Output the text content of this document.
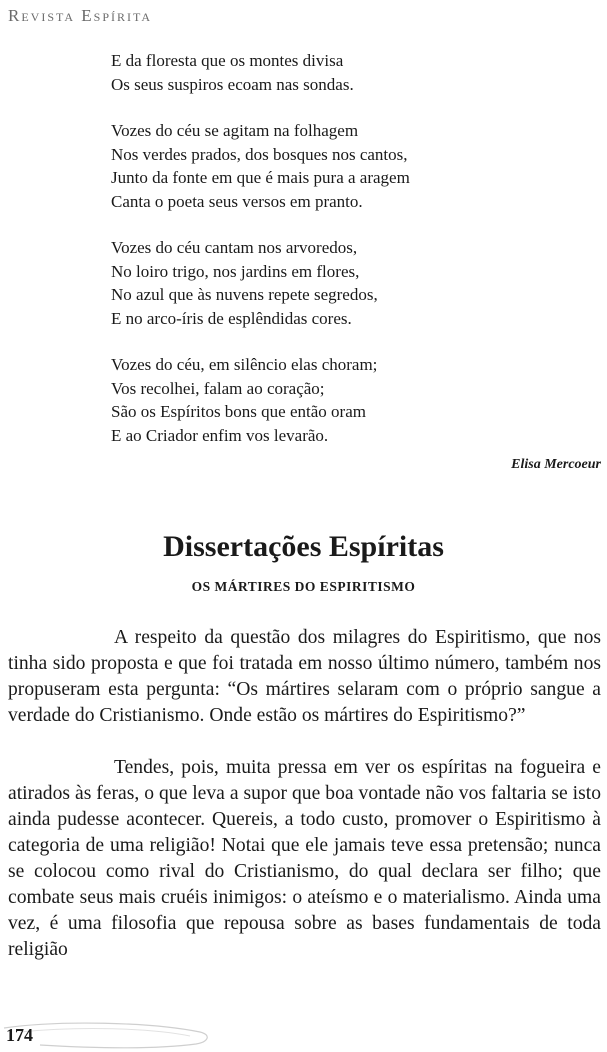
Revista Espírita
E da floresta que os montes divisa
Os seus suspiros ecoam nas sondas.
Vozes do céu se agitam na folhagem
Nos verdes prados, dos bosques nos cantos,
Junto da fonte em que é mais pura a aragem
Canta o poeta seus versos em pranto.
Vozes do céu cantam nos arvoredos,
No loiro trigo, nos jardins em flores,
No azul que às nuvens repete segredos,
E no arco-íris de esplêndidas cores.
Vozes do céu, em silêncio elas choram;
Vos recolhei, falam ao coração;
São os Espíritos bons que então oram
E ao Criador enfim vos levarão.
Elisa Mercoeur
Dissertações Espíritas
OS MÁRTIRES DO ESPIRITISMO

A respeito da questão dos milagres do Espiritismo, que nos tinha sido proposta e que foi tratada em nosso último número, também nos propuseram esta pergunta: “Os mártires selaram com o próprio sangue a verdade do Cristianismo. Onde estão os mártires do Espiritismo?”

Tendes, pois, muita pressa em ver os espíritas na fogueira e atirados às feras, o que leva a supor que boa vontade não vos faltaria se isto ainda pudesse acontecer. Quereis, a todo custo, promover o Espiritismo à categoria de uma religião! Notai que ele jamais teve essa pretensão; nunca se colocou como rival do Cristianismo, do qual declara ser filho; que combate seus mais cruéis inimigos: o ateísmo e o materialismo. Ainda uma vez, é uma filosofia que repousa sobre as bases fundamentais de toda religião

174
